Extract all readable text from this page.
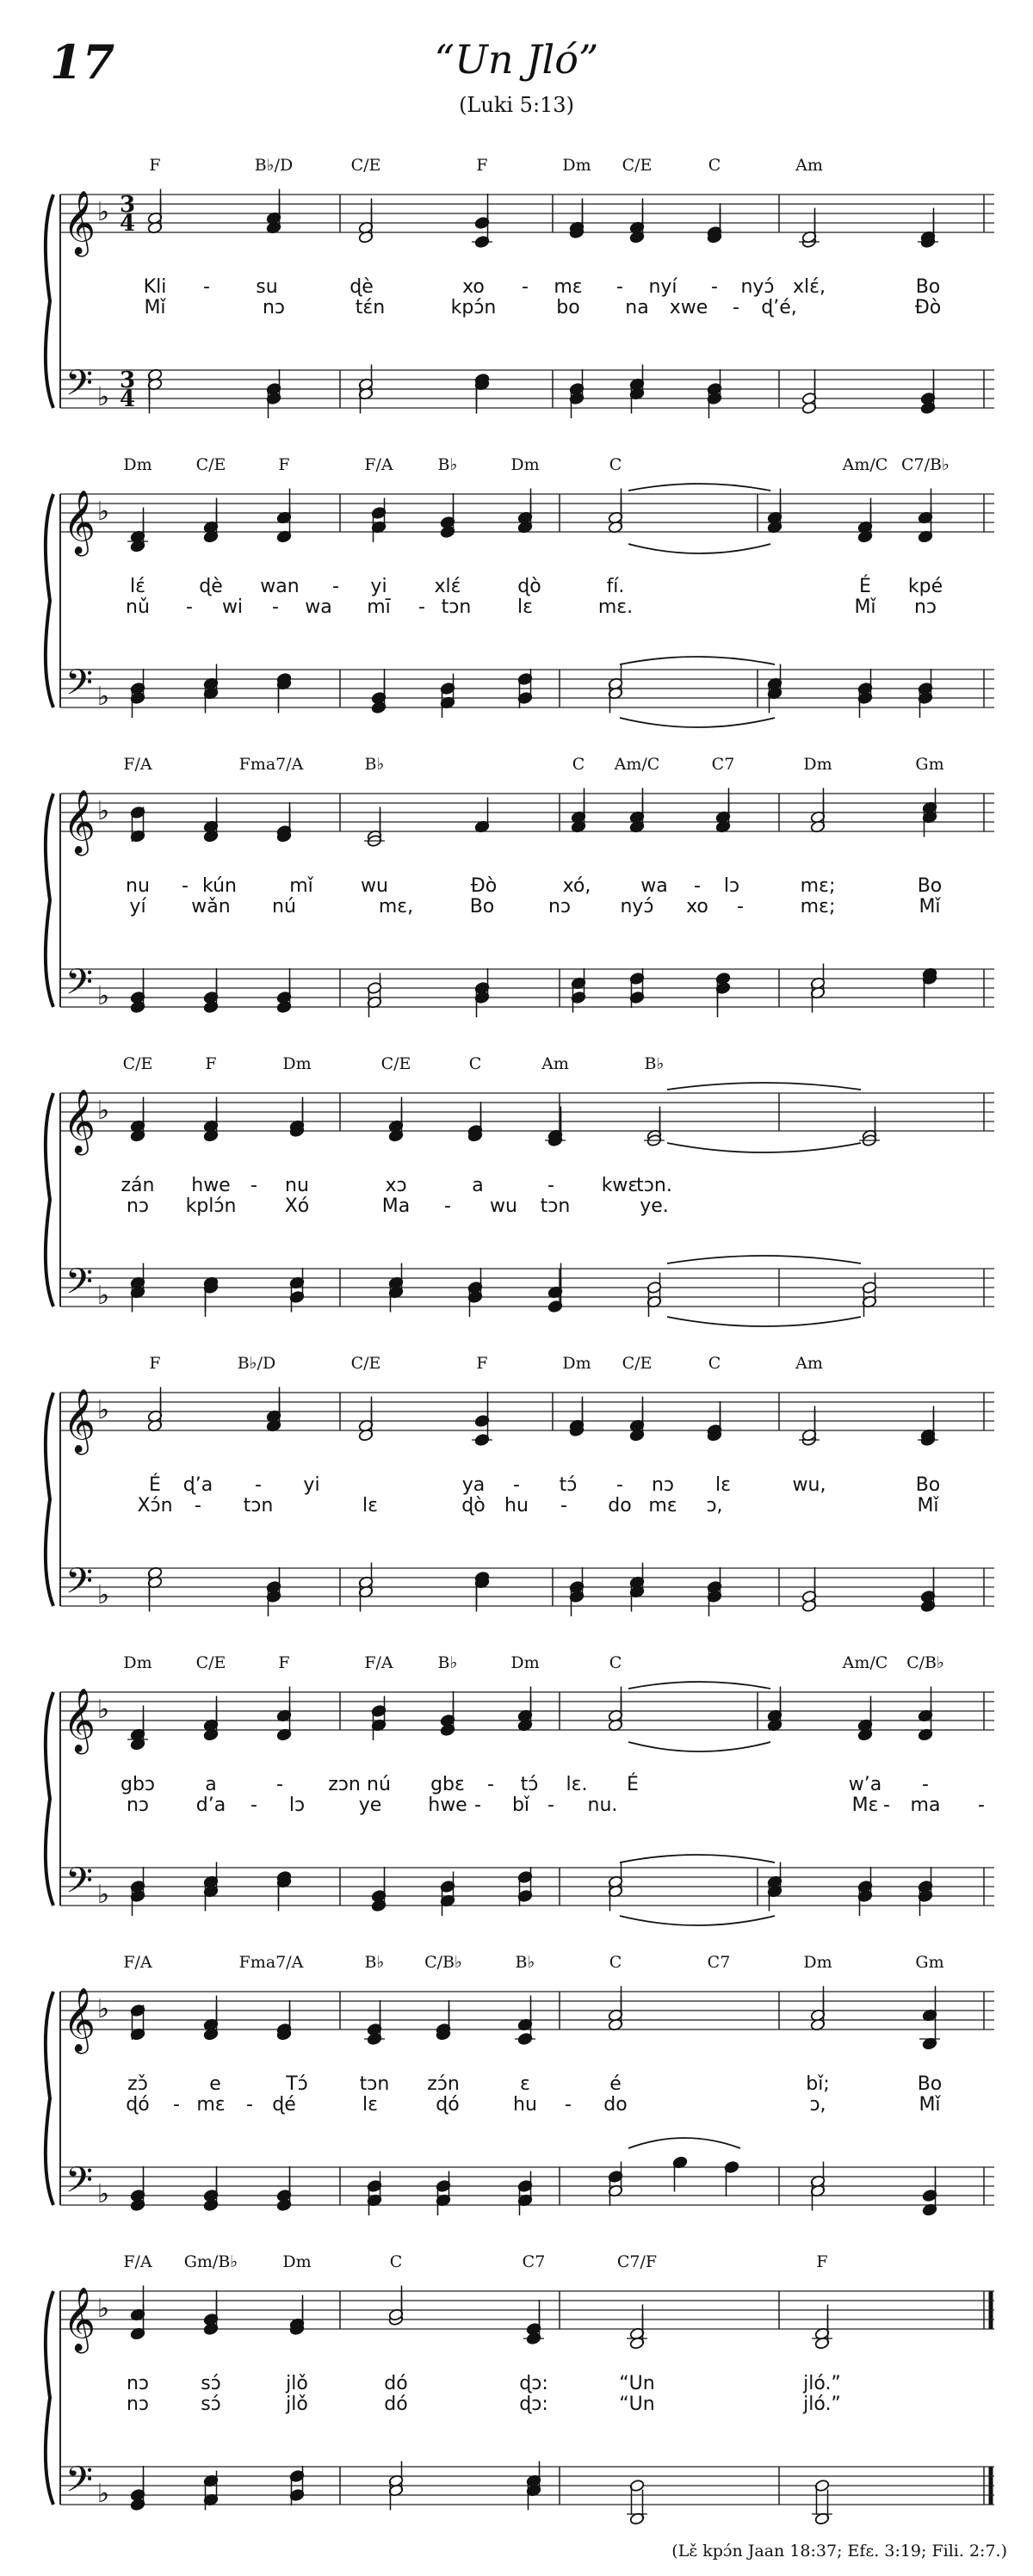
17	“Un Jló”
(Luki 5:13)
𝄞
𝄢
♭
♭
3
4
3
4
F	B♭/D	C/E	F	Dm C/E	C	Am
Kli - su	ɖè	xo - mɛ - nyí - nyɔ́ xlɛ́,	Bo
Mǐ	nɔ	tɛ́n	kpɔ́n	bo na xwe - ɖ’é,	Ðò
𝄞
𝄢
♭
♭
Dm	C/E	F	F/A	B♭	Dm	C	Am/C C7/B♭
lɛ́	ɖè wan - yi xlɛ́	ɖò	fí.	É kpé
nǔ - wi - wa mī - tɔn lɛ	mɛ.	Mǐ nɔ
𝄞
𝄢
♭
♭
F/A	Fma7/A	B♭	C Am/C	C7	Dm	Gm
nu - kún	mǐ	wu	Ðò	xó,	wa - lɔ	mɛ;	Bo
yí wǎn nú	mɛ,	Bo	nɔ	nyɔ́ xo -	mɛ;	Mǐ
𝄞
𝄢
♭
♭
C/E	F	Dm	C/E	C	Am	B♭
zán hwe - nu	xɔ	a	- kwɛ
tɔn.
nɔ kplɔ́n	Xó	Ma - wu tɔn	ye.
𝄞
𝄢
♭
♭
F	B♭/D	C/E	F	Dm C/E	C	Am
É ɖ’a - yi	ya - tɔ́ - nɔ lɛ	wu,	Bo
Xɔ́n - tɔn	lɛ	ɖò hu - do mɛ ɔ,	Mǐ
𝄞
𝄢
♭
♭
Dm	C/E	F	F/A	B♭	Dm	C	Am/C C/B♭
gbɔ	a	- zɔn nú gbɛ - tɔ́ lɛ. É	w’a -
nɔ d’a - lɔ	ye hwe - bǐ - nu.	Mɛ - ma -
𝄞
𝄢
♭
♭
F/A	Fma7/A	B♭ C/B♭	B♭	C	C7	Dm	Gm
zɔ̌	e	Tɔ́	tɔn zɔ́n	ɛ	é	bǐ;	Bo
ɖó - mɛ - ɖé	lɛ	ɖó	hu - do	ɔ,	Mǐ
𝄞
𝄢
♭
♭
F/A Gm/B♭	Dm	C	C7	C7/F	F
nɔ	sɔ́	jlǒ	dó	ɖɔ:	“Un	jló.”
nɔ	sɔ́	jlǒ	dó	ɖɔ:	“Un	jló.”
(Lɛ̌ kpɔ́n Jaan 18:37; Efɛ. 3:19; Fili. 2:7.)
